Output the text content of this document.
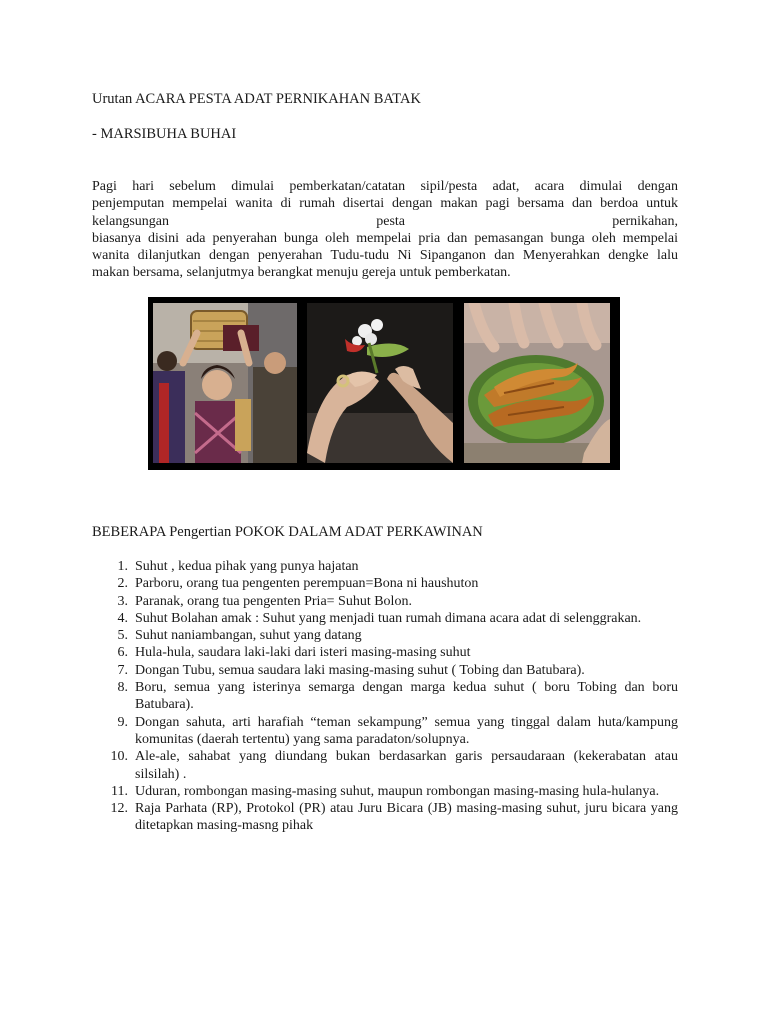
Urutan ACARA PESTA ADAT PERNIKAHAN BATAK
- MARSIBUHA BUHAI
Pagi hari sebelum dimulai pemberkatan/catatan sipil/pesta adat, acara dimulai dengan
penjemputan mempelai wanita di rumah disertai dengan makan pagi bersama dan berdoa untuk
kelangsungan pesta pernikahan,
biasanya disini ada penyerahan bunga oleh mempelai pria dan pemasangan bunga oleh mempelai
wanita dilanjutkan dengan penyerahan Tudu-tudu Ni Sipanganon dan Menyerahkan dengke lalu
makan bersama, selanjutmya berangkat menuju gereja untuk pemberkatan.
BEBERAPA Pengertian POKOK DALAM ADAT PERKAWINAN
1. Suhut , kedua pihak yang punya hajatan
2. Parboru, orang tua pengenten perempuan=Bona ni haushuton
3. Paranak, orang tua pengenten Pria= Suhut Bolon.
4. Suhut Bolahan amak : Suhut yang menjadi tuan rumah dimana acara adat di selenggrakan.
5. Suhut naniambangan, suhut yang datang
6. Hula-hula, saudara laki-laki dari isteri masing-masing suhut
7. Dongan Tubu, semua saudara laki masing-masing suhut ( Tobing dan Batubara).
8. Boru, semua yang isterinya semarga dengan marga kedua suhut ( boru Tobing dan boru Batubara).
9. Dongan sahuta, arti harafiah “teman sekampung” semua yang tinggal dalam huta/kampung komunitas (daerah tertentu) yang sama paradaton/solupnya.
10. Ale-ale, sahabat yang diundang bukan berdasarkan garis persaudaraan (kekerabatan atau silsilah) .
11. Uduran, rombongan masing-masing suhut, maupun rombongan masing-masing hula-hulanya.
12. Raja Parhata (RP), Protokol (PR) atau Juru Bicara (JB) masing-masing suhut, juru bicara yang ditetapkan masing-masng pihak
